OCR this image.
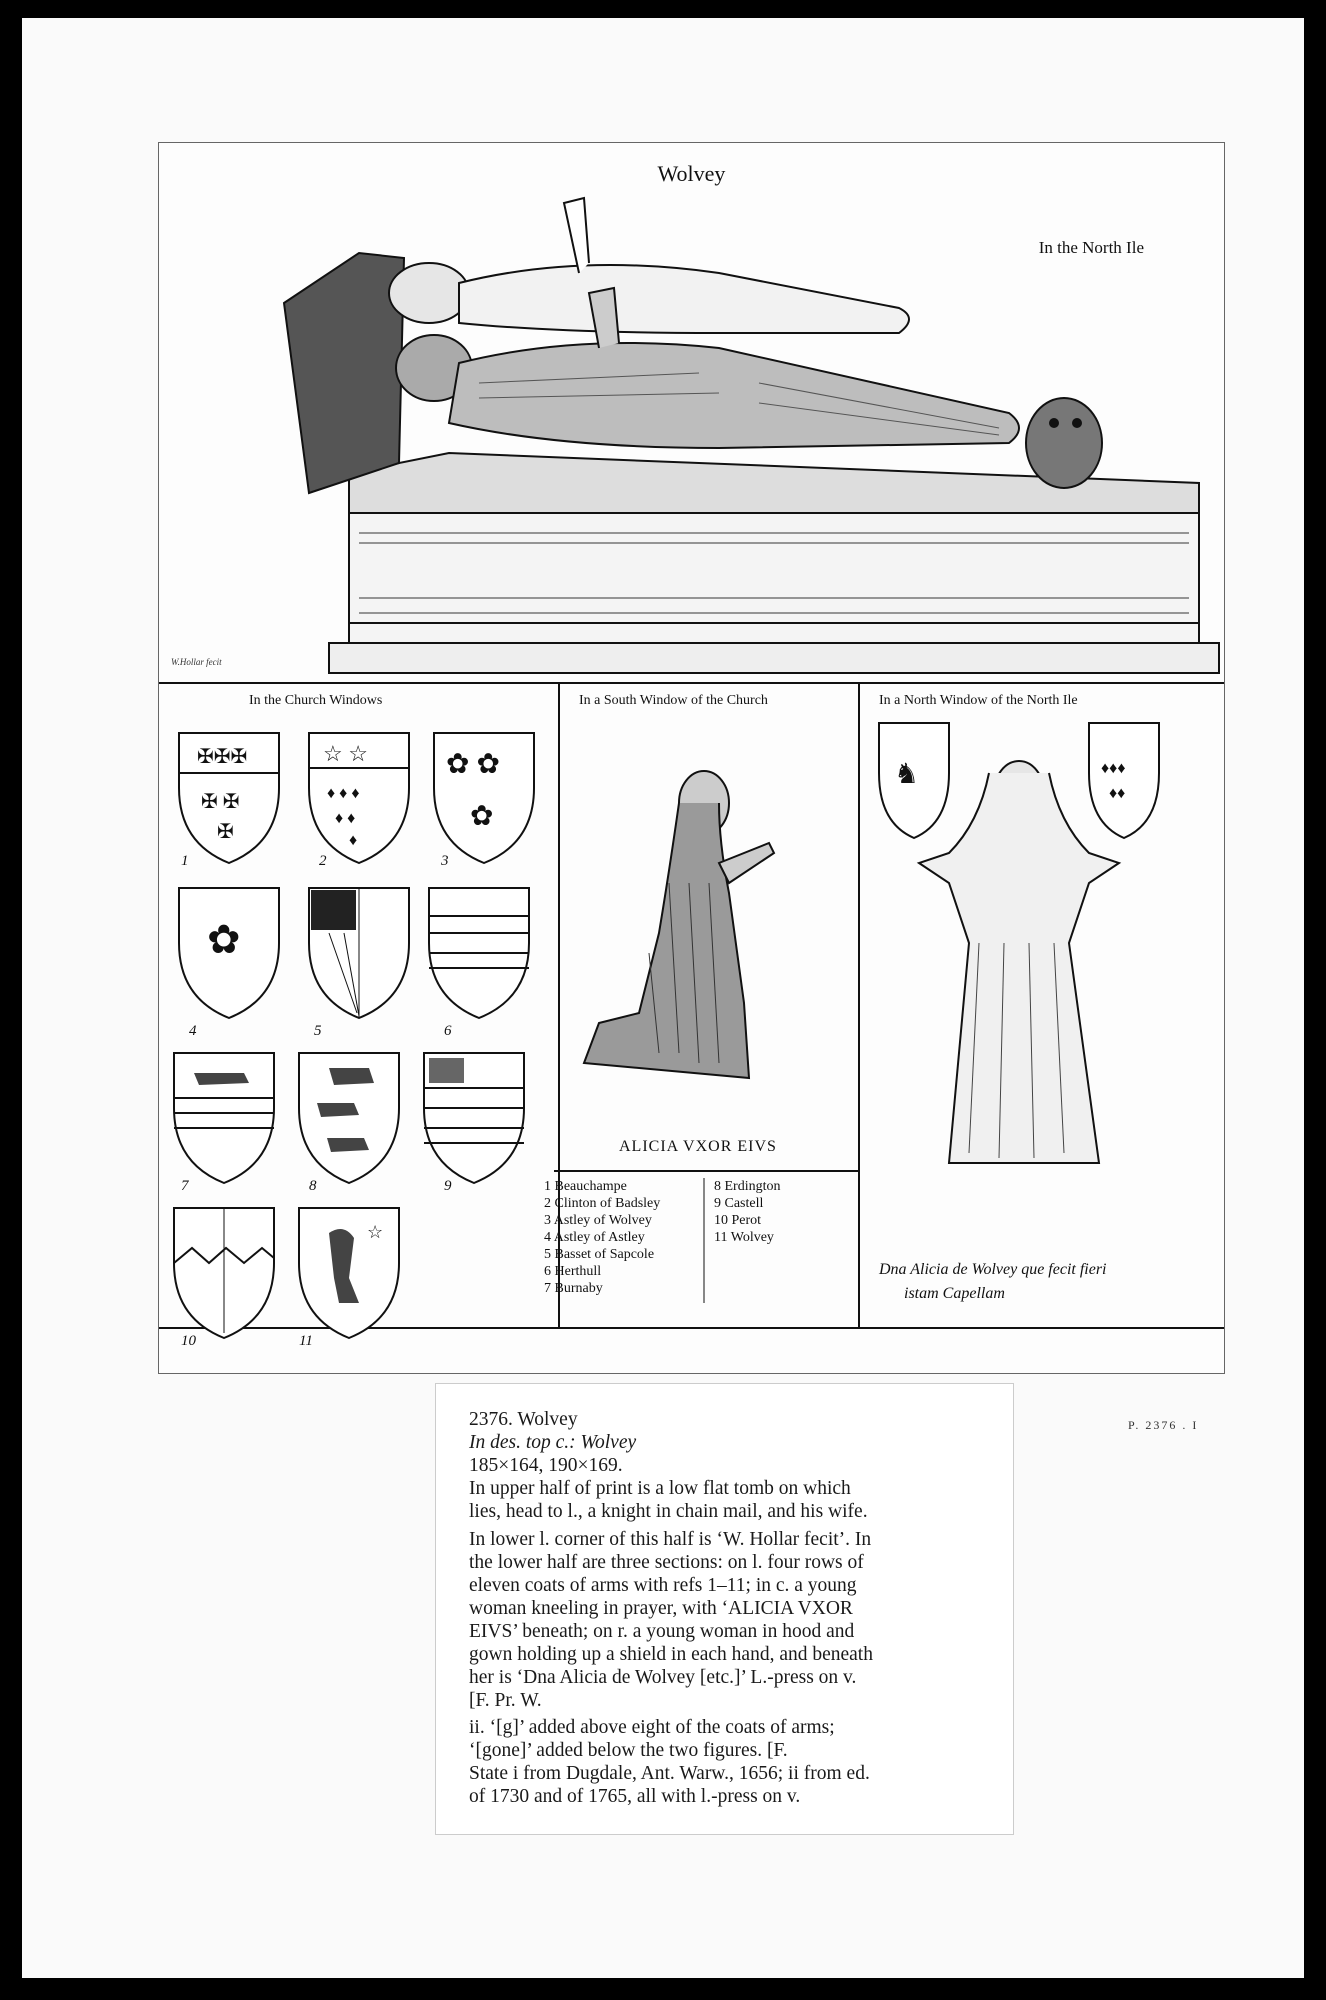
Wolvey
In the North Ile
W.Hollar fecit
In the Church Windows	In a South Window of the Church	In a North Window of the North Ile
✠✠✠
✠ ✠
✠
☆ ☆
♦ ♦ ♦
♦ ♦
♦
✿ ✿
✿
✿
☆
1	2	3
4	5	6
7	8	9
10	11
ALICIA VXOR EIVS
♞	♦♦♦
♦♦
Dna Alicia de Wolvey que fecit fieri
istam Capellam
1 Beauchampe
2 Clinton of Badsley
3 Astley of Wolvey
4 Astley of Astley
5 Basset of Sapcole
6 Herthull
7 Burnaby
8 Erdington
9 Castell
10 Perot
11 Wolvey
2376. Wolvey
In des. top c.: Wolvey
185×164, 190×169.
In upper half of print is a low flat tomb on which
lies, head to l., a knight in chain mail, and his wife.
In lower l. corner of this half is ‘W. Hollar fecit’. In
the lower half are three sections: on l. four rows of
eleven coats of arms with refs 1–11; in c. a young
woman kneeling in prayer, with ‘ALICIA VXOR
EIVS’ beneath; on r. a young woman in hood and
gown holding up a shield in each hand, and beneath
her is ‘Dna Alicia de Wolvey [etc.]’ L.-press on v.
[F. Pr. W.
ii. ‘[g]’ added above eight of the coats of arms;
‘[gone]’ added below the two figures. [F.
State i from Dugdale, Ant. Warw., 1656; ii from ed.
of 1730 and of 1765, all with l.-press on v.
P. 2376 . I
